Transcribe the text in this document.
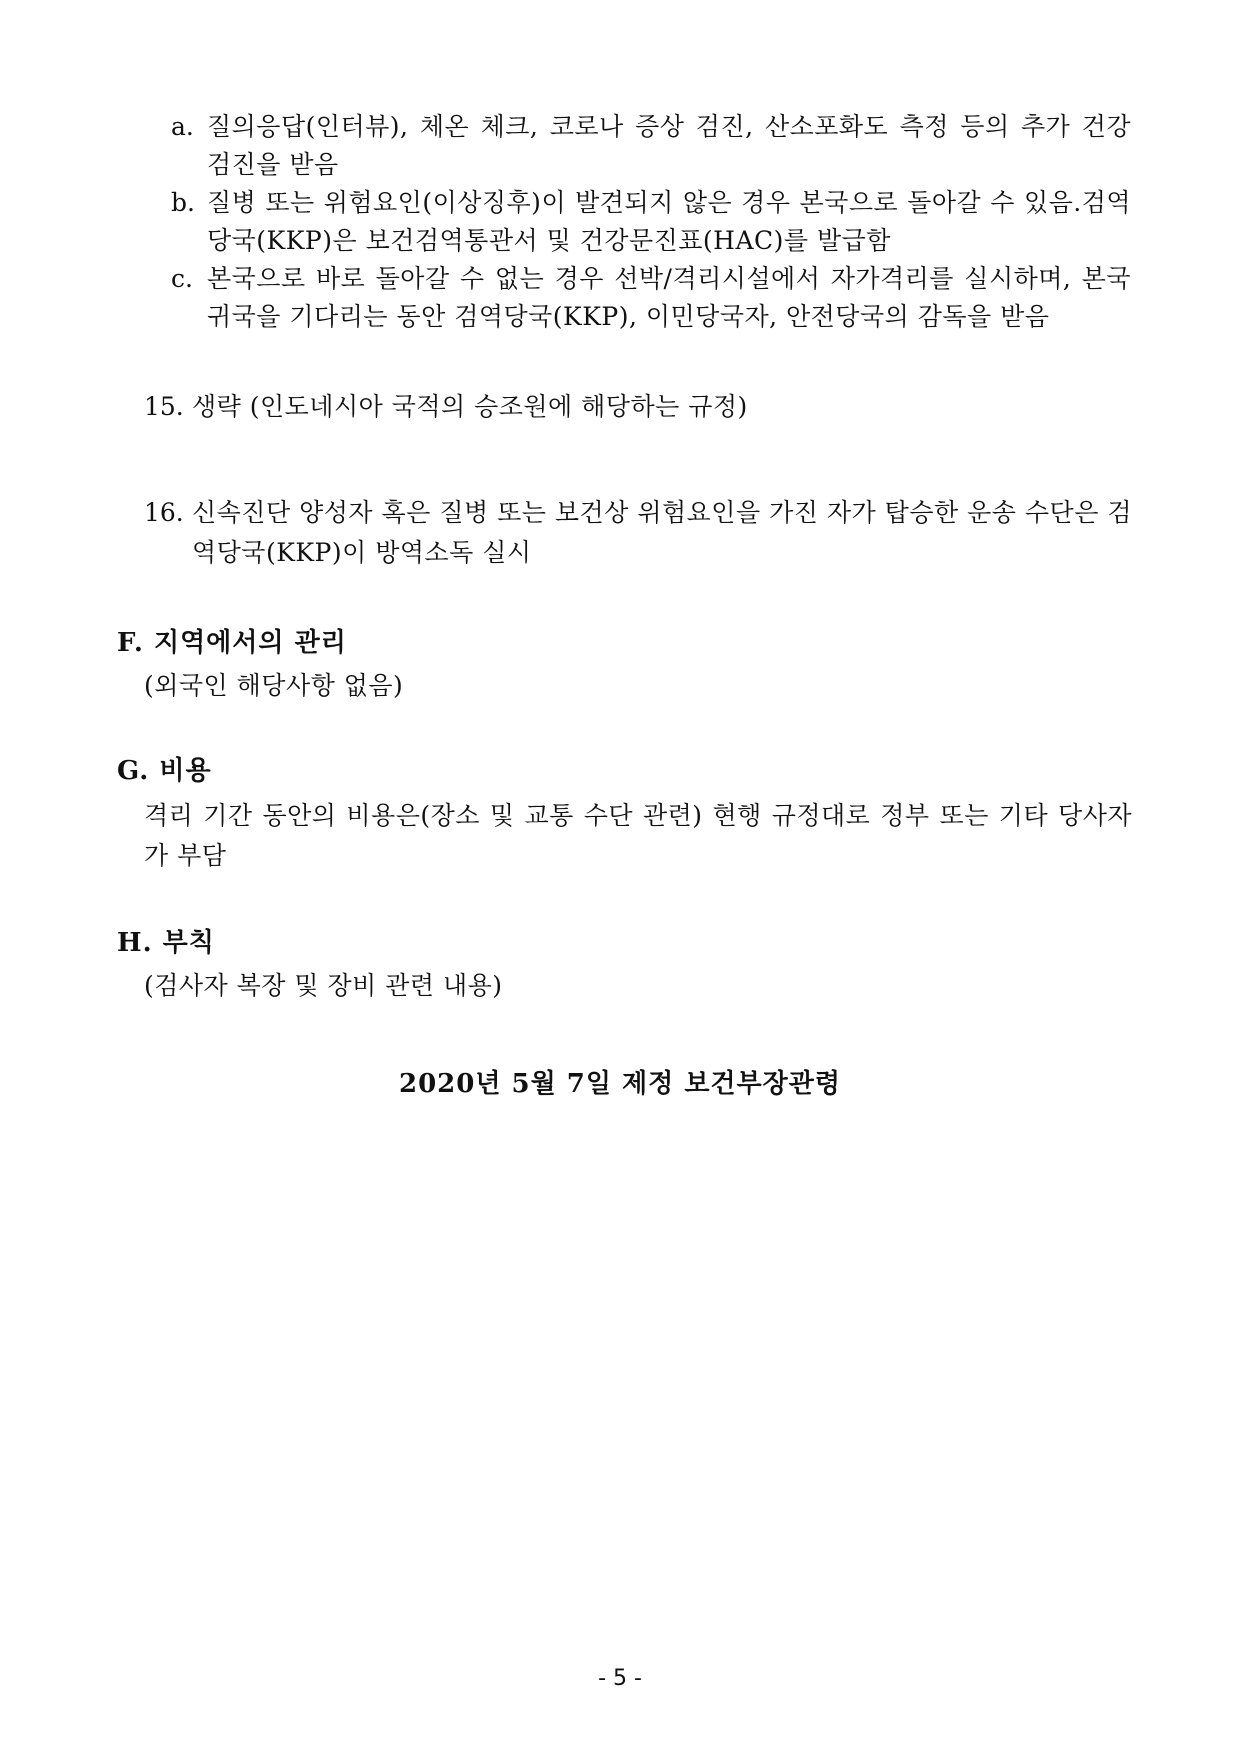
a. 질의응답(인터뷰), 체온 체크, 코로나 증상 검진, 산소포화도 측정 등의 추가 건강 검진을 받음
b. 질병 또는 위험요인(이상징후)이 발견되지 않은 경우 본국으로 돌아갈 수 있음.검역당국(KKP)은 보건검역통관서 및 건강문진표(HAC)를 발급함
c. 본국으로 바로 돌아갈 수 없는 경우 선박/격리시설에서 자가격리를 실시하며, 본국 귀국을 기다리는 동안 검역당국(KKP), 이민당국자, 안전당국의 감독을 받음
15. 생략 (인도네시아 국적의 승조원에 해당하는 규정)
16. 신속진단 양성자 혹은 질병 또는 보건상 위험요인을 가진 자가 탑승한 운송 수단은 검역당국(KKP)이 방역소독 실시
F. 지역에서의 관리

(외국인 해당사항 없음)

G. 비용

격리 기간 동안의 비용은(장소 및 교통 수단 관련) 현행 규정대로 정부 또는 기타 당사자가 부담

H. 부칙

(검사자 복장 및 장비 관련 내용)

2020년 5월 7일 제정 보건부장관령

- 5 -
